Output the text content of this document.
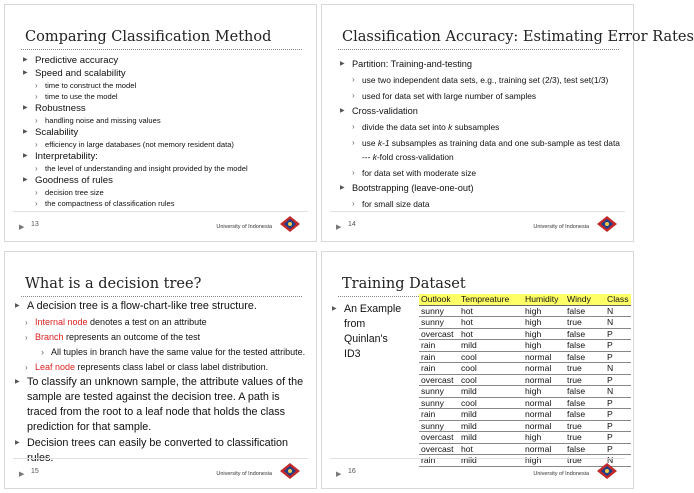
Comparing Classification Method
▶ Predictive accuracy
▶ Speed and scalability
› time to construct the model
› time to use the model
▶ Robustness
› handling noise and missing values
▶ Scalability
› efficiency in large databases (not memory resident data)
▶ Interpretability:
› the level of understanding and insight provided by the model
▶ Goodness of rules
› decision tree size
› the compactness of classification rules
▶ 13	University of Indonesia
Classification Accuracy: Estimating Error Rates
▶ Partition: Training-and-testing
› use two independent data sets, e.g., training set (2/3), test set(1/3)
› used for data set with large number of samples
▶ Cross-validation
› divide the data set into k subsamples
› use k-1 subsamples as training data and one sub-sample as test data --- k-fold cross-validation
› for data set with moderate size
▶ Bootstrapping (leave-one-out)
› for small size data
▶ 14	University of Indonesia
What is a decision tree?
▶ A decision tree is a flow-chart-like tree structure.
› Internal node denotes a test on an attribute
› Branch represents an outcome of the test
› All tuples in branch have the same value for the tested attribute.
› Leaf node represents class label or class label distribution.
▶ To classify an unknown sample, the attribute values of the sample are tested against the decision tree. A path is traced from the root to a leaf node that holds the class prediction for that sample.
▶ Decision trees can easily be converted to classification rules.
▶ 15	University of Indonesia
Training Dataset
▶ An Example from Quinlan's ID3
Outlook	Tempreature	Humidity	Windy	Class
sunny	hot	high	false	N
sunny	hot	high	true	N
overcast	hot	high	false	P
rain	mild	high	false	P
rain	cool	normal	false	P
rain	cool	normal	true	N
overcast	cool	normal	true	P
sunny	mild	high	false	N
sunny	cool	normal	false	P
rain	mild	normal	false	P
sunny	mild	normal	true	P
overcast	mild	high	true	P
overcast	hot	normal	false	P
rain	mild	high	true	N
▶ 16	University of Indonesia
